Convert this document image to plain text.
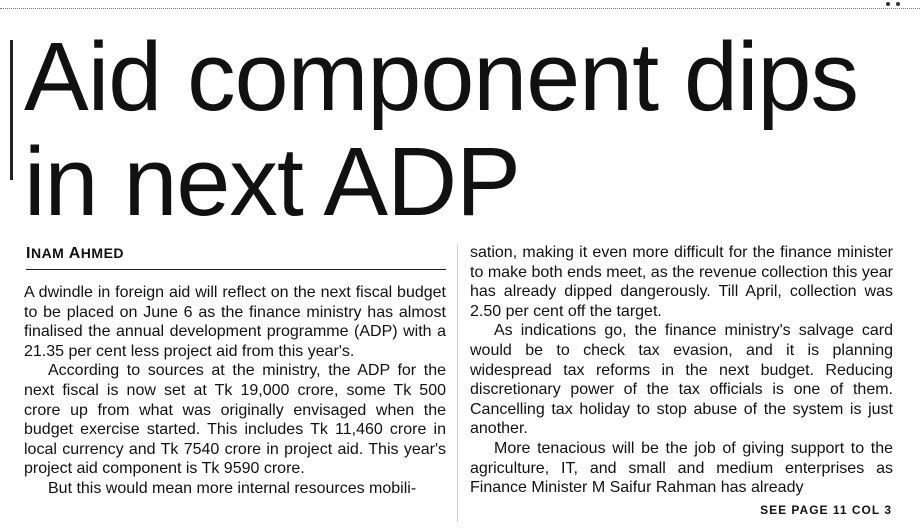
Aid component dips
in next ADP
INAM AHMED

A dwindle in foreign aid will reflect on the next fiscal budget to be placed on June 6 as the finance ministry has almost finalised the annual development programme (ADP) with a 21.35 per cent less project aid from this year's.

According to sources at the ministry, the ADP for the next fiscal is now set at Tk 19,000 crore, some Tk 500 crore up from what was originally envisaged when the budget exercise started. This includes Tk 11,460 crore in local currency and Tk 7540 crore in project aid. This year's project aid component is Tk 9590 crore.

But this would mean more internal resources mobili-

sation, making it even more difficult for the finance minister to make both ends meet, as the revenue collection this year has already dipped dangerously. Till April, collection was 2.50 per cent off the target.

As indications go, the finance ministry's salvage card would be to check tax evasion, and it is planning widespread tax reforms in the next budget. Reducing discretionary power of the tax officials is one of them. Cancelling tax holiday to stop abuse of the system is just another.

More tenacious will be the job of giving support to the agriculture, IT, and small and medium enterprises as Finance Minister M Saifur Rahman has already

SEE PAGE 11 COL 3
